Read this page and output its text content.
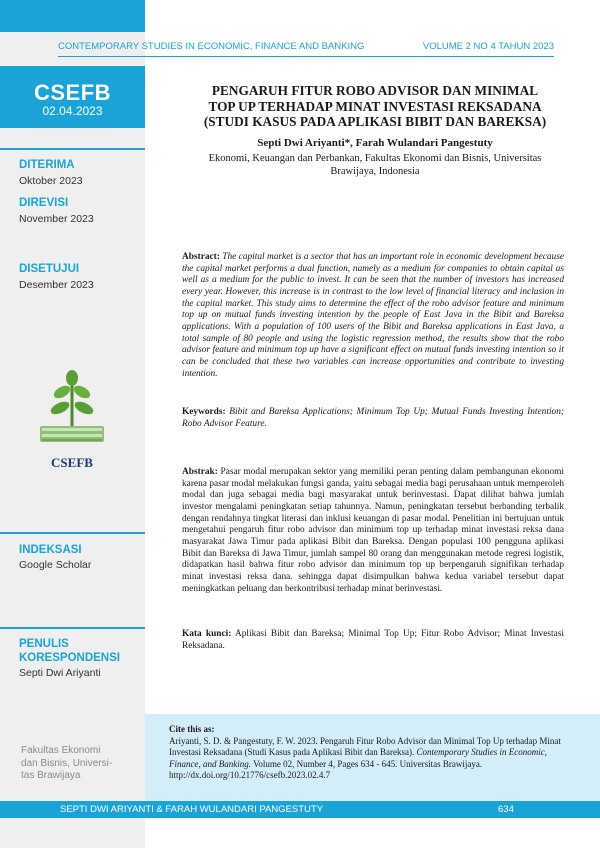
CSEFB
02.04.2023
DITERIMA
Oktober 2023
DIREVISI
November 2023
DISETUJUI
Desember 2023
CSEFB
INDEKSASI
Google Scholar
PENULIS
KORESPONDENSI
Septi Dwi Ariyanti
CONTEMPORARY STUDIES IN ECONOMIC, FINANCE AND BANKING	VOLUME 2 NO 4 TAHUN 2023
PENGARUH FITUR ROBO ADVISOR DAN MINIMAL
TOP UP TERHADAP MINAT INVESTASI REKSADANA
(STUDI KASUS PADA APLIKASI BIBIT DAN BAREKSA)
Septi Dwi Ariyanti*, Farah Wulandari Pangestuty
Ekonomi, Keuangan dan Perbankan, Fakultas Ekonomi dan Bisnis, Universitas
Brawijaya, Indonesia
Abstract: The capital market is a sector that has an important role in economic development because the capital market performs a dual function, namely as a medium for companies to obtain capital as well as a medium for the public to invest. It can be seen that the number of investors has increased every year. However, this increase is in contrast to the low level of financial literacy and inclusion in the capital market. This study aims to determine the effect of the robo advisor feature and minimum top up on mutual funds investing intention by the people of East Java in the Bibit and Bareksa applications. With a population of 100 users of the Bibit and Bareksa applications in East Java, a total sample of 80 people and using the logistic regression method, the results show that the robo advisor feature and minimum top up have a significant effect on mutual funds investing intention so it can be concluded that these two variables can increase opportunities and contribute to investing intention.
Keywords: Bibit and Bareksa Applications; Minimum Top Up; Mutual Funds Investing Intention; Robo Advisor Feature.
Abstrak: Pasar modal merupakan sektor yang memiliki peran penting dalam pembangunan ekonomi karena pasar modal melakukan fungsi ganda, yaitu sebagai media bagi perusahaan untuk memperoleh modal dan juga sebagai media bagi masyarakat untuk berinvestasi. Dapat dilihat bahwa jumlah investor mengalami peningkatan setiap tahunnya. Namun, peningkatan tersebut berbanding terbalik dengan rendahnya tingkat literasi dan inklusi keuangan di pasar modal. Penelitian ini bertujuan untuk mengetahui pengaruh fitur robo advisor dan minimum top up terhadap minat investasi reksa dana masyarakat Jawa Timur pada aplikasi Bibit dan Bareksa. Dengan populasi 100 pengguna aplikasi Bibit dan Bareksa di Jawa Timur, jumlah sampel 80 orang dan menggunakan metode regresi logistik, didapatkan hasil bahwa fitur robo advisor dan minimum top up berpengaruh signifikan terhadap minat investasi reksa dana. sehingga dapat disimpulkan bahwa kedua variabel tersebut dapat meningkatkan peluang dan berkontribusi terhadap minat berinvestasi.
Kata kunci: Aplikasi Bibit dan Bareksa; Minimal Top Up; Fitur Robo Advisor; Minat Investasi Reksadana.
Fakultas Ekonomi
dan Bisnis, Universi-
tas Brawijaya
Cite this as:
Ariyanti, S. D. & Pangestuty, F. W. 2023. Pengaruh Fitur Robo Advisor dan Minimal Top Up terhadap Minat Investasi Reksadana (Studi Kasus pada Aplikasi Bibit dan Bareksa). Contemporary Studies in Economic, Finance, and Banking. Volume 02, Number 4, Pages 634 - 645. Universitas Brawijaya. http://dx.doi.org/10.21776/csefb.2023.02.4.7
SEPTI DWI ARIYANTI & FARAH WULANDARI PANGESTUTY	634
